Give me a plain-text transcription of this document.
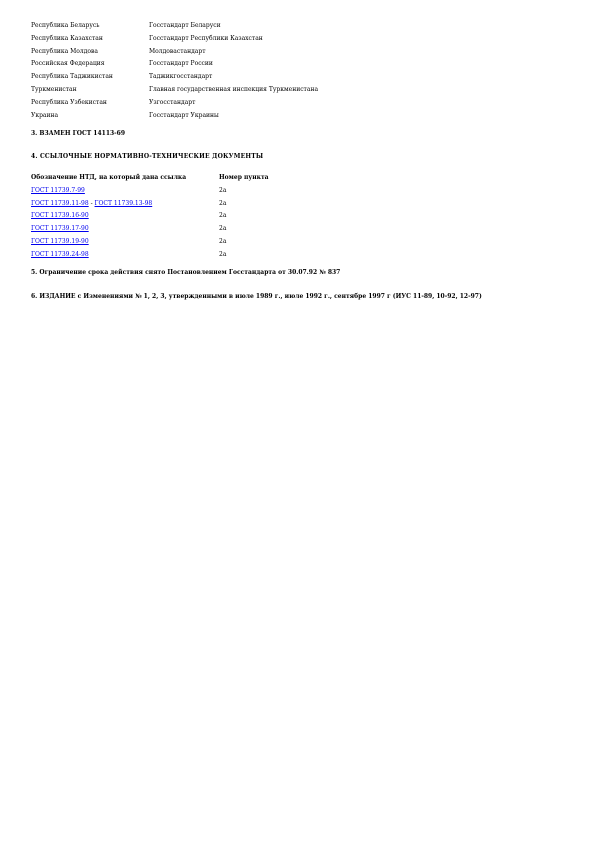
Республика Беларусь	Госстандарт Беларуси
Республика Казахстан	Госстандарт Республики Казахстан
Республика Молдова	Молдовастандарт
Российская Федерация	Госстандарт России
Республика Таджикистан	Таджикгосстандарт
Туркменистан	Главная государственная инспекция Туркменистана
Республика Узбекистан	Узгосстандарт
Украина	Госстандарт Украины
3. ВЗАМЕН ГОСТ 14113-69
4. ССЫЛОЧНЫЕ НОРМАТИВНО-ТЕХНИЧЕСКИЕ ДОКУМЕНТЫ
Обозначение НТД, на который дана ссылка	Номер пункта
ГОСТ 11739.7-99	2а
ГОСТ 11739.11-98 - ГОСТ 11739.13-98	2а
ГОСТ 11739.16-90	2а
ГОСТ 11739.17-90	2а
ГОСТ 11739.19-90	2а
ГОСТ 11739.24-98	2а
5. Ограничение срока действия снято Постановлением Госстандарта от 30.07.92 № 837
6. ИЗДАНИЕ с Изменениями № 1, 2, 3, утвержденными в июле 1989 г., июле 1992 г., сентябре 1997 г (ИУС 11-89, 10-92, 12-97)
